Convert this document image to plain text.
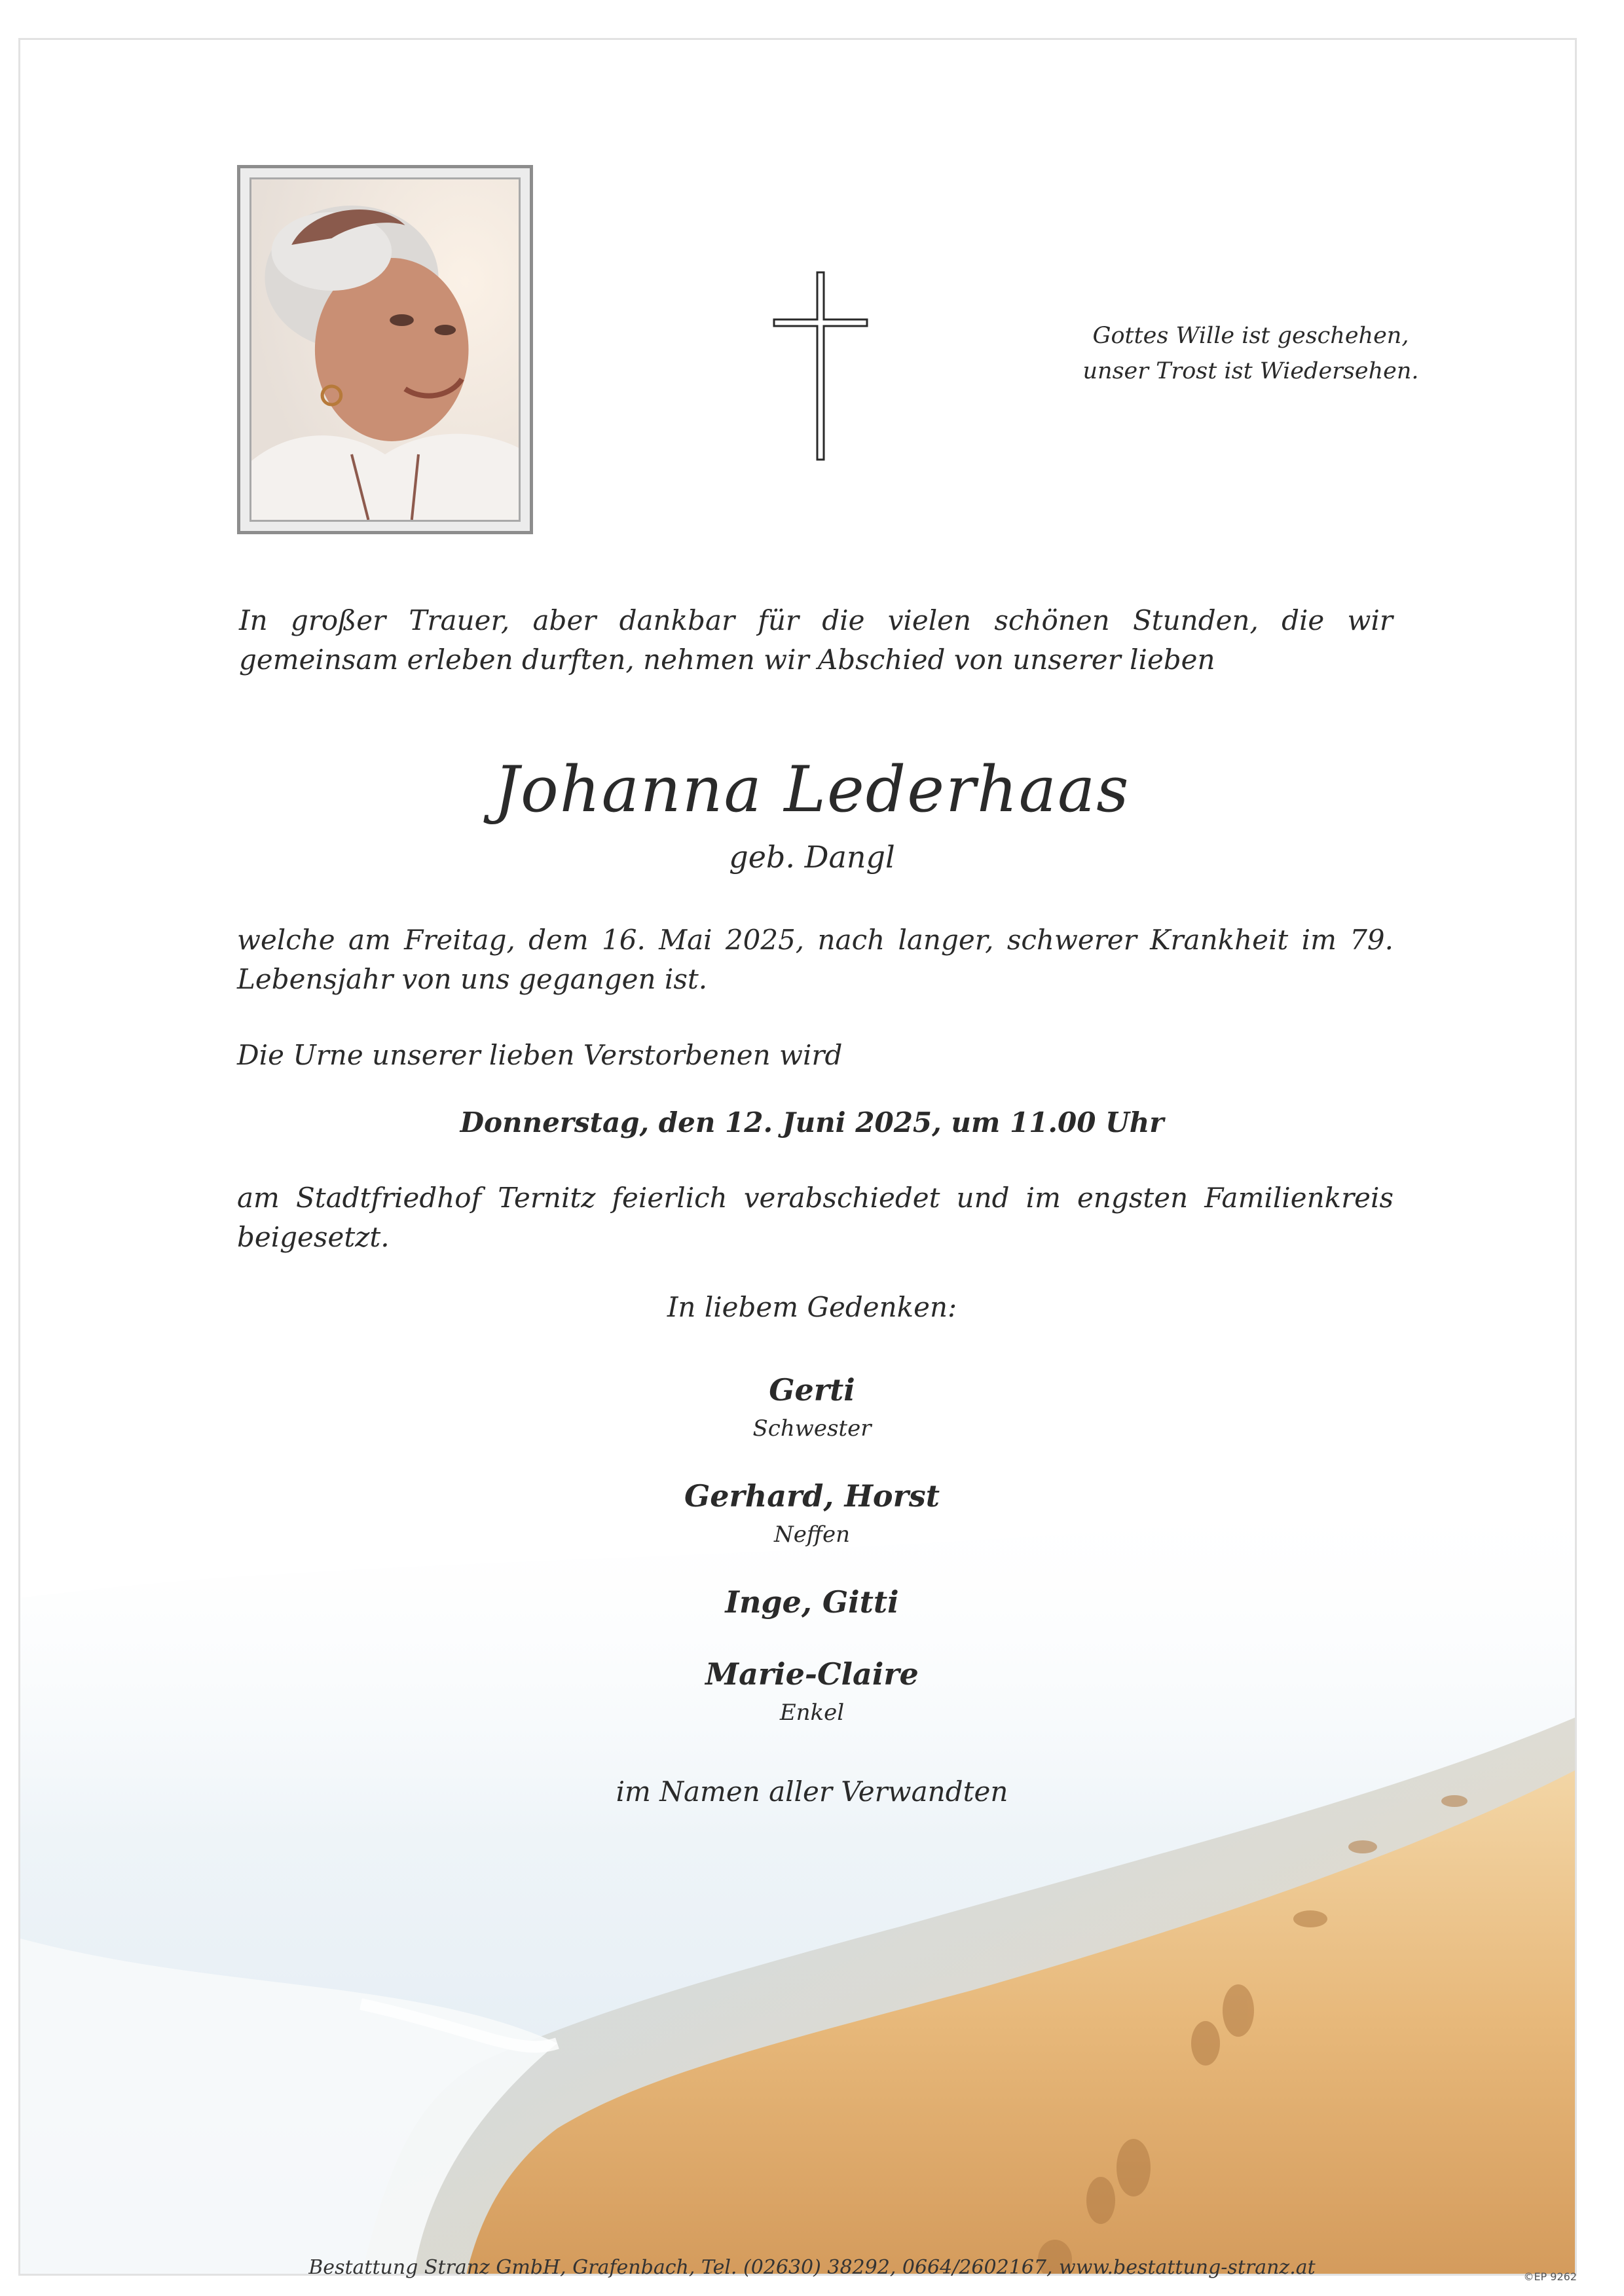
Gottes Wille ist geschehen,
unser Trost ist Wiedersehen.
In großer Trauer, aber dankbar für die vielen schönen Stunden, die wir gemeinsam erleben durften, nehmen wir Abschied von unserer lieben
Johanna Lederhaas
geb. Dangl
welche am Freitag, dem 16. Mai 2025, nach langer, schwerer Krankheit im 79. Lebensjahr von uns gegangen ist.
Die Urne unserer lieben Verstorbenen wird
Donnerstag, den 12. Juni 2025, um 11.00 Uhr
am Stadtfriedhof Ternitz feierlich verabschiedet und im engsten Familienkreis beigesetzt.
In liebem Gedenken:
Gerti
Schwester
Gerhard, Horst
Neffen
Inge, Gitti
Marie-Claire
Enkel
im Namen aller Verwandten
Bestattung Stranz GmbH, Grafenbach, Tel. (02630) 38292, 0664/2602167, www.bestattung-stranz.at	©EP 9262
